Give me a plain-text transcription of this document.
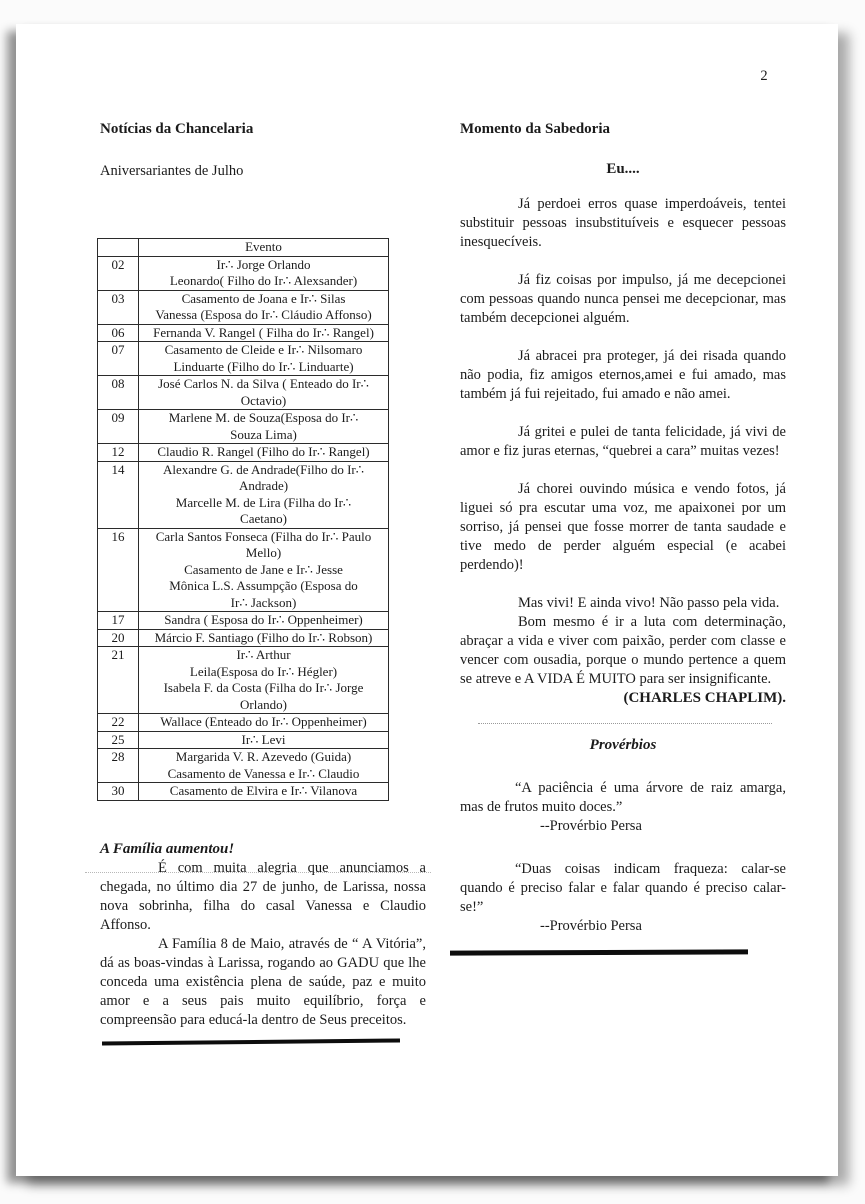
2
Notícias da Chancelaria
Aniversariantes de Julho
	Evento
02	Ir∴ Jorge Orlando
Leonardo( Filho do Ir∴ Alexsander)

03	Casamento de Joana e Ir∴ Silas
Vanessa (Esposa do Ir∴ Cláudio Affonso)

06	Fernanda V. Rangel ( Filha do Ir∴ Rangel)

07	Casamento de Cleide e Ir∴ Nilsomaro
Linduarte (Filho do Ir∴ Linduarte)

08	José Carlos N. da Silva ( Enteado do Ir∴
Octavio)

09	Marlene M. de Souza(Esposa do Ir∴
Souza Lima)

12	Claudio R. Rangel (Filho do Ir∴ Rangel)

14	Alexandre G. de Andrade(Filho do Ir∴
Andrade)
Marcelle M. de Lira (Filha do Ir∴
Caetano)

16	Carla Santos Fonseca (Filha do Ir∴ Paulo
Mello)
Casamento de Jane e Ir∴ Jesse
Mônica L.S. Assumpção (Esposa do
Ir∴ Jackson)

17	Sandra ( Esposa do Ir∴ Oppenheimer)

20	Márcio F. Santiago (Filho do Ir∴ Robson)

21	Ir∴ Arthur
Leila(Esposa do Ir∴ Hégler)
Isabela F. da Costa (Filha do Ir∴ Jorge
Orlando)

22	Wallace (Enteado do Ir∴ Oppenheimer)

25	Ir∴ Levi

28	Margarida V. R. Azevedo (Guida)
Casamento de Vanessa e Ir∴ Claudio

30	Casamento de Elvira e Ir∴ Vilanova
A Família aumentou!

É com muita alegria que anunciamos a chegada, no último dia 27 de junho, de Larissa, nossa nova sobrinha, filha do casal Vanessa e Claudio Affonso.

A Família 8 de Maio, através de “ A Vitória”, dá as boas-vindas à Larissa, rogando ao GADU que lhe conceda uma existência plena de saúde, paz e muito amor e a seus pais muito equilíbrio, força e compreensão para educá-la dentro de Seus preceitos.

Momento da Sabedoria
Eu....

Já perdoei erros quase imperdoáveis, tentei substituir pessoas insubstituíveis e esquecer pessoas inesquecíveis.

Já fiz coisas por impulso, já me decepcionei com pessoas quando nunca pensei me decepcionar, mas também decepcionei alguém.

Já abracei pra proteger, já dei risada quando não podia, fiz amigos eternos,amei e fui amado, mas também já fui rejeitado, fui amado e não amei.

Já gritei e pulei de tanta felicidade, já vivi de amor e fiz juras eternas, “quebrei a cara” muitas vezes!

Já chorei ouvindo música e vendo fotos, já liguei só pra escutar uma voz, me apaixonei por um sorriso, já pensei que fosse morrer de tanta saudade e tive medo de perder alguém especial (e acabei perdendo)!

Mas vivi! E ainda vivo! Não passo pela vida.

Bom mesmo é ir a luta com determinação, abraçar a vida e viver com paixão, perder com classe e vencer com ousadia, porque o mundo pertence a quem se atreve e A VIDA É MUITO para ser insignificante.

(CHARLES CHAPLIM).

Provérbios

“A paciência é uma árvore de raiz amarga, mas de frutos muito doces.”

--Provérbio Persa

“Duas coisas indicam fraqueza: calar-se quando é preciso falar e falar quando é preciso calar-se!”

--Provérbio Persa
